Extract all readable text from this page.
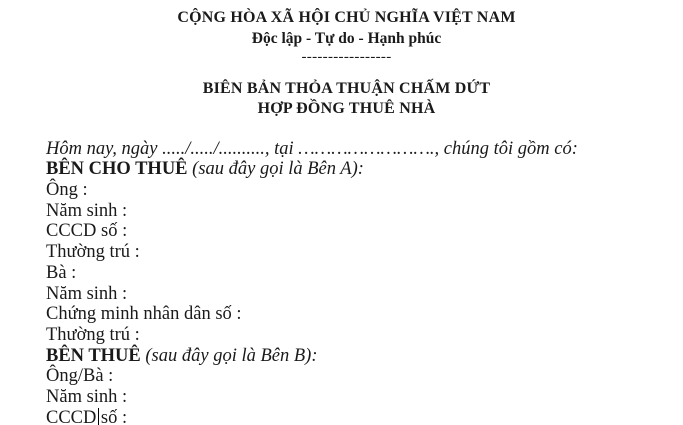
CỘNG HÒA XÃ HỘI CHỦ NGHĨA VIỆT NAM
Độc lập - Tự do - Hạnh phúc
-----------------
BIÊN BẢN THỎA THUẬN CHẤM DỨT
HỢP ĐỒNG THUÊ NHÀ
Hôm nay, ngày ...../...../.........., tại ……………………., chúng tôi gồm có:
BÊN CHO THUÊ (sau đây gọi là Bên A):
Ông :
Năm sinh :
CCCD số :
Thường trú :
Bà :
Năm sinh :
Chứng minh nhân dân số :
Thường trú :
BÊN THUÊ (sau đây gọi là Bên B):
Ông/Bà :
Năm sinh :
CCCD số :
